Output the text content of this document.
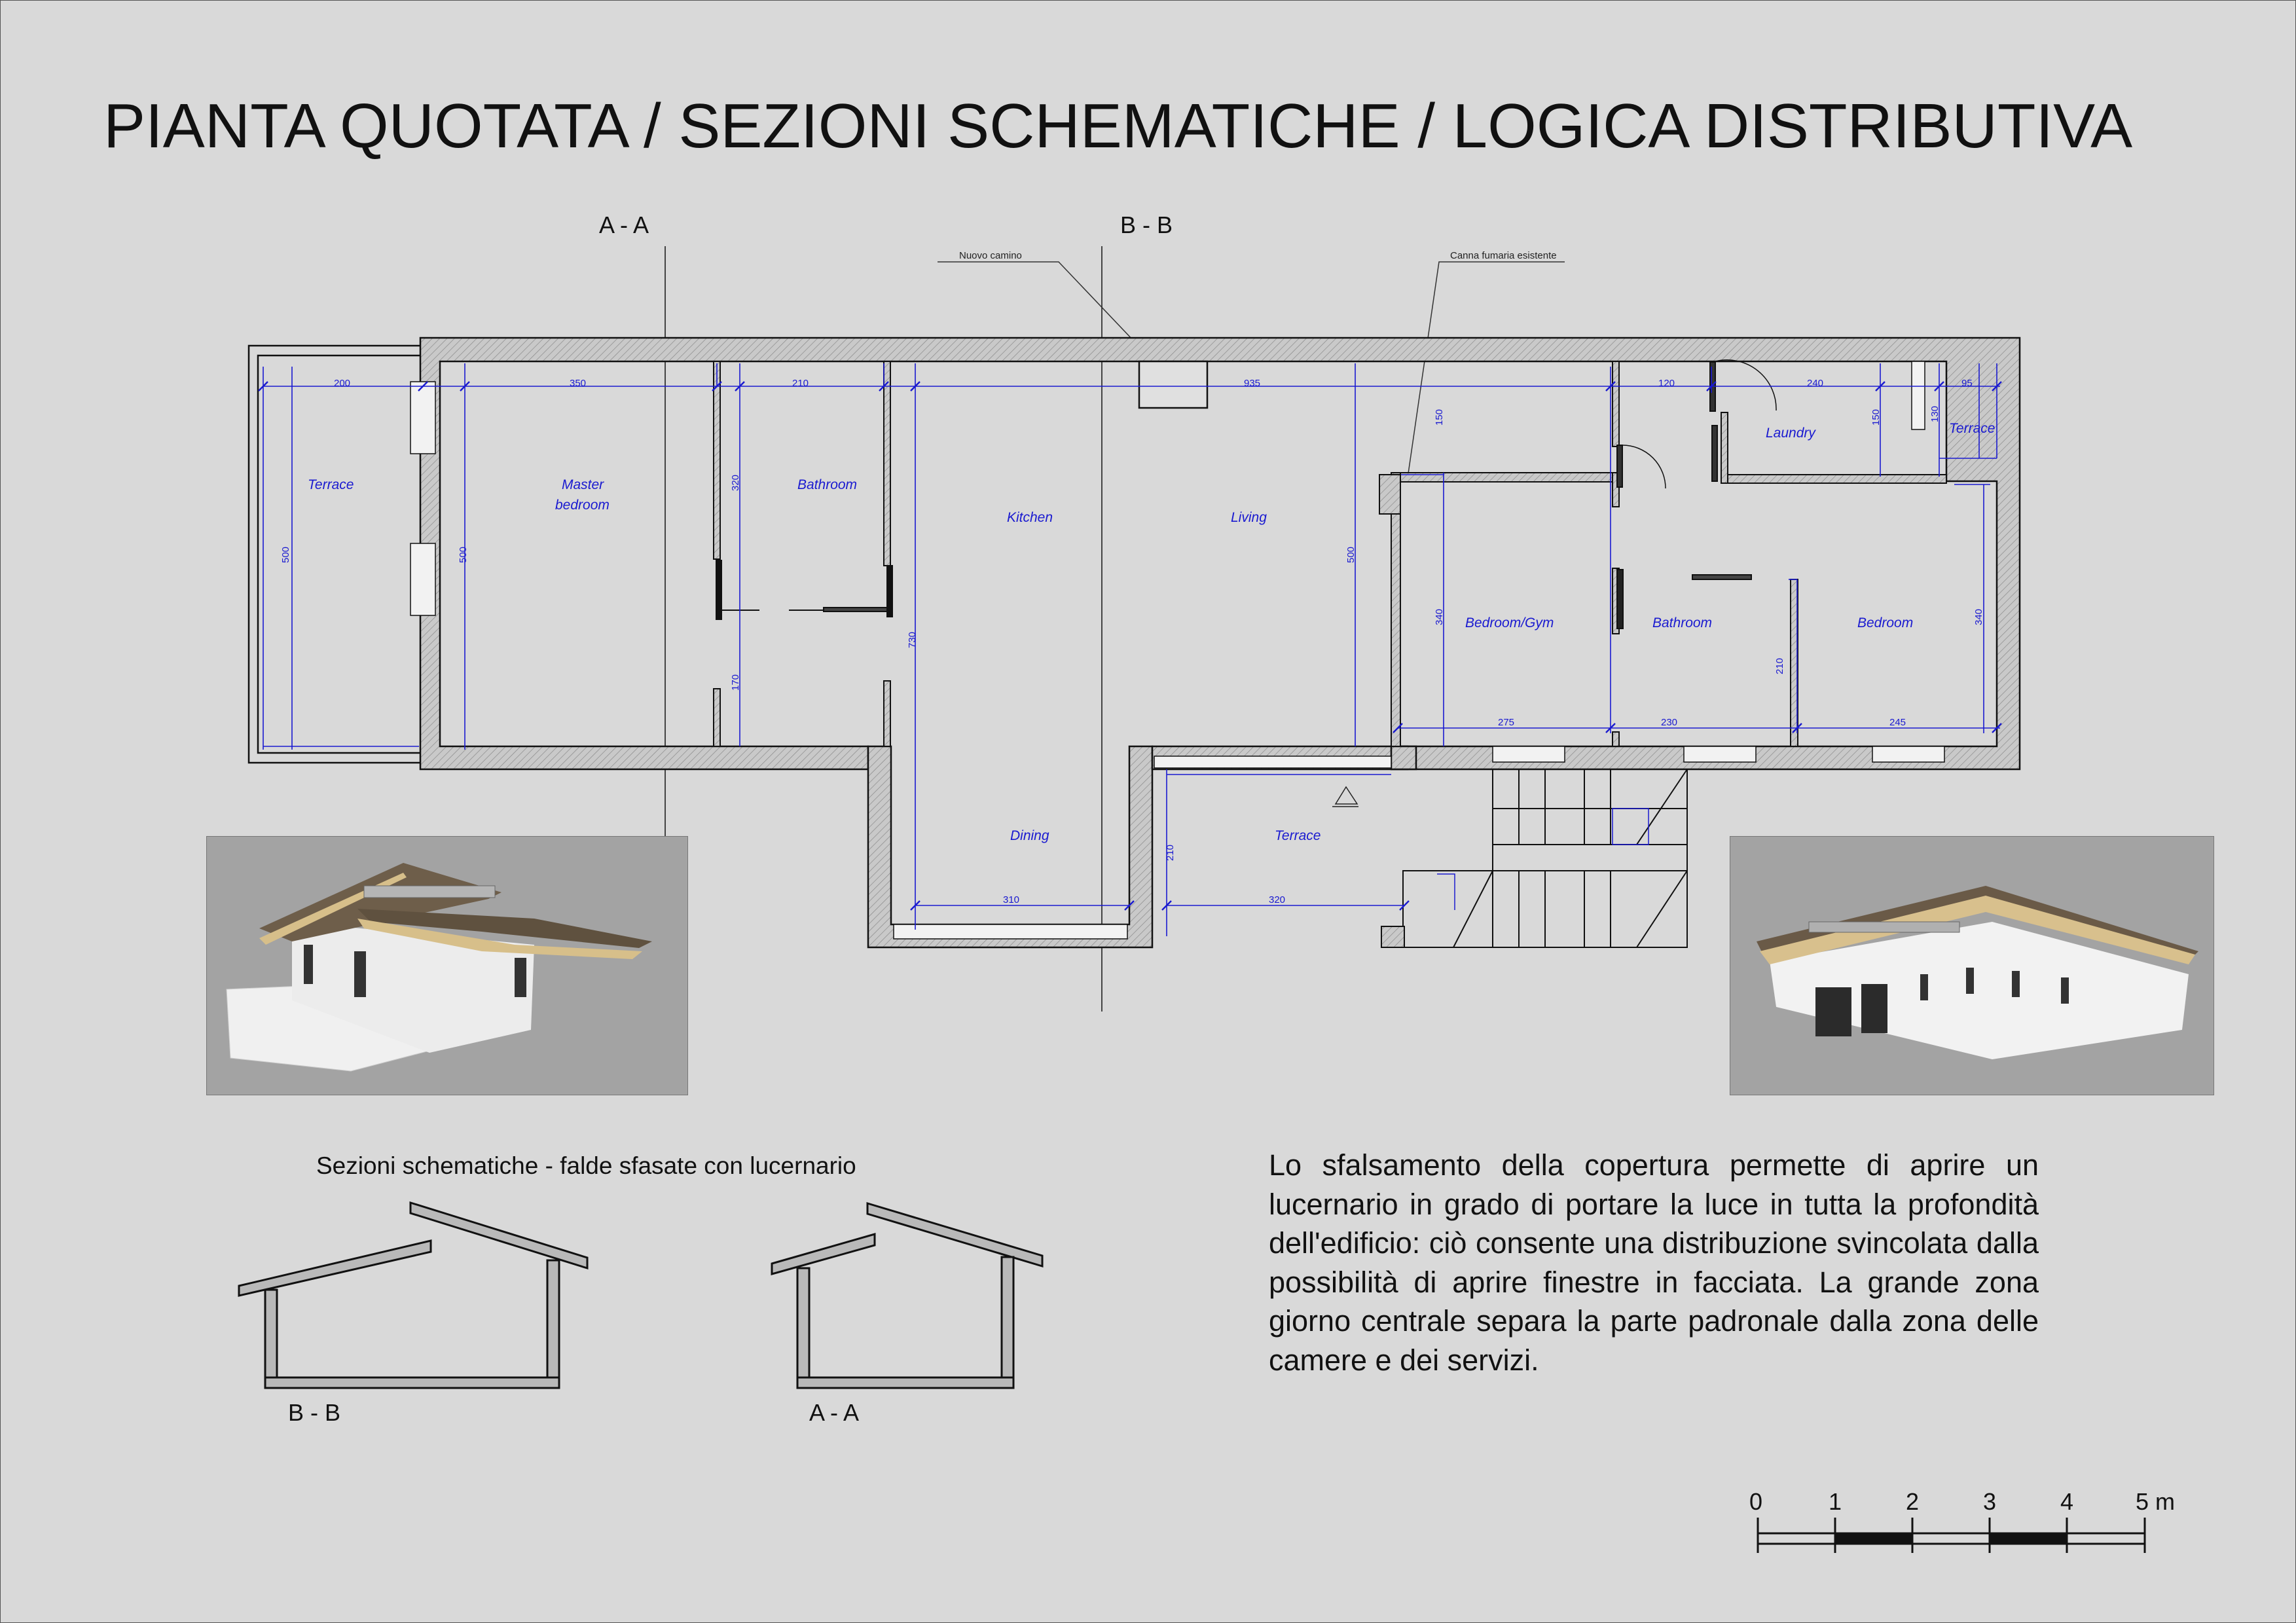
PIANTA QUOTATA / SEZIONI SCHEMATICHE / LOGICA DISTRIBUTIVA
A - A	B - B
Nuovo camino	Canna fumaria esistente
200	350	210	935	120	240	95
275	230	245
310	320
500	500
320
170
730
500
150	150	130
340
210
340
210
Terrace	Master
bedroom
Bathroom
Kitchen	Living
Dining	Terrace
Laundry	Terrace
Bedroom/Gym	Bathroom	Bedroom
B - B	A - A
0	1	2	3	4	5 m
Sezioni schematiche - falde sfasate con lucernario	Lo sfalsamento della copertura permette di aprire un lucernario in grado di portare la luce in tutta la profondità dell'edificio: ciò consente una distribuzione svincolata dalla possibilità di aprire finestre in facciata. La grande zona giorno centrale separa la parte padronale dalla zona delle camere e dei servizi.
